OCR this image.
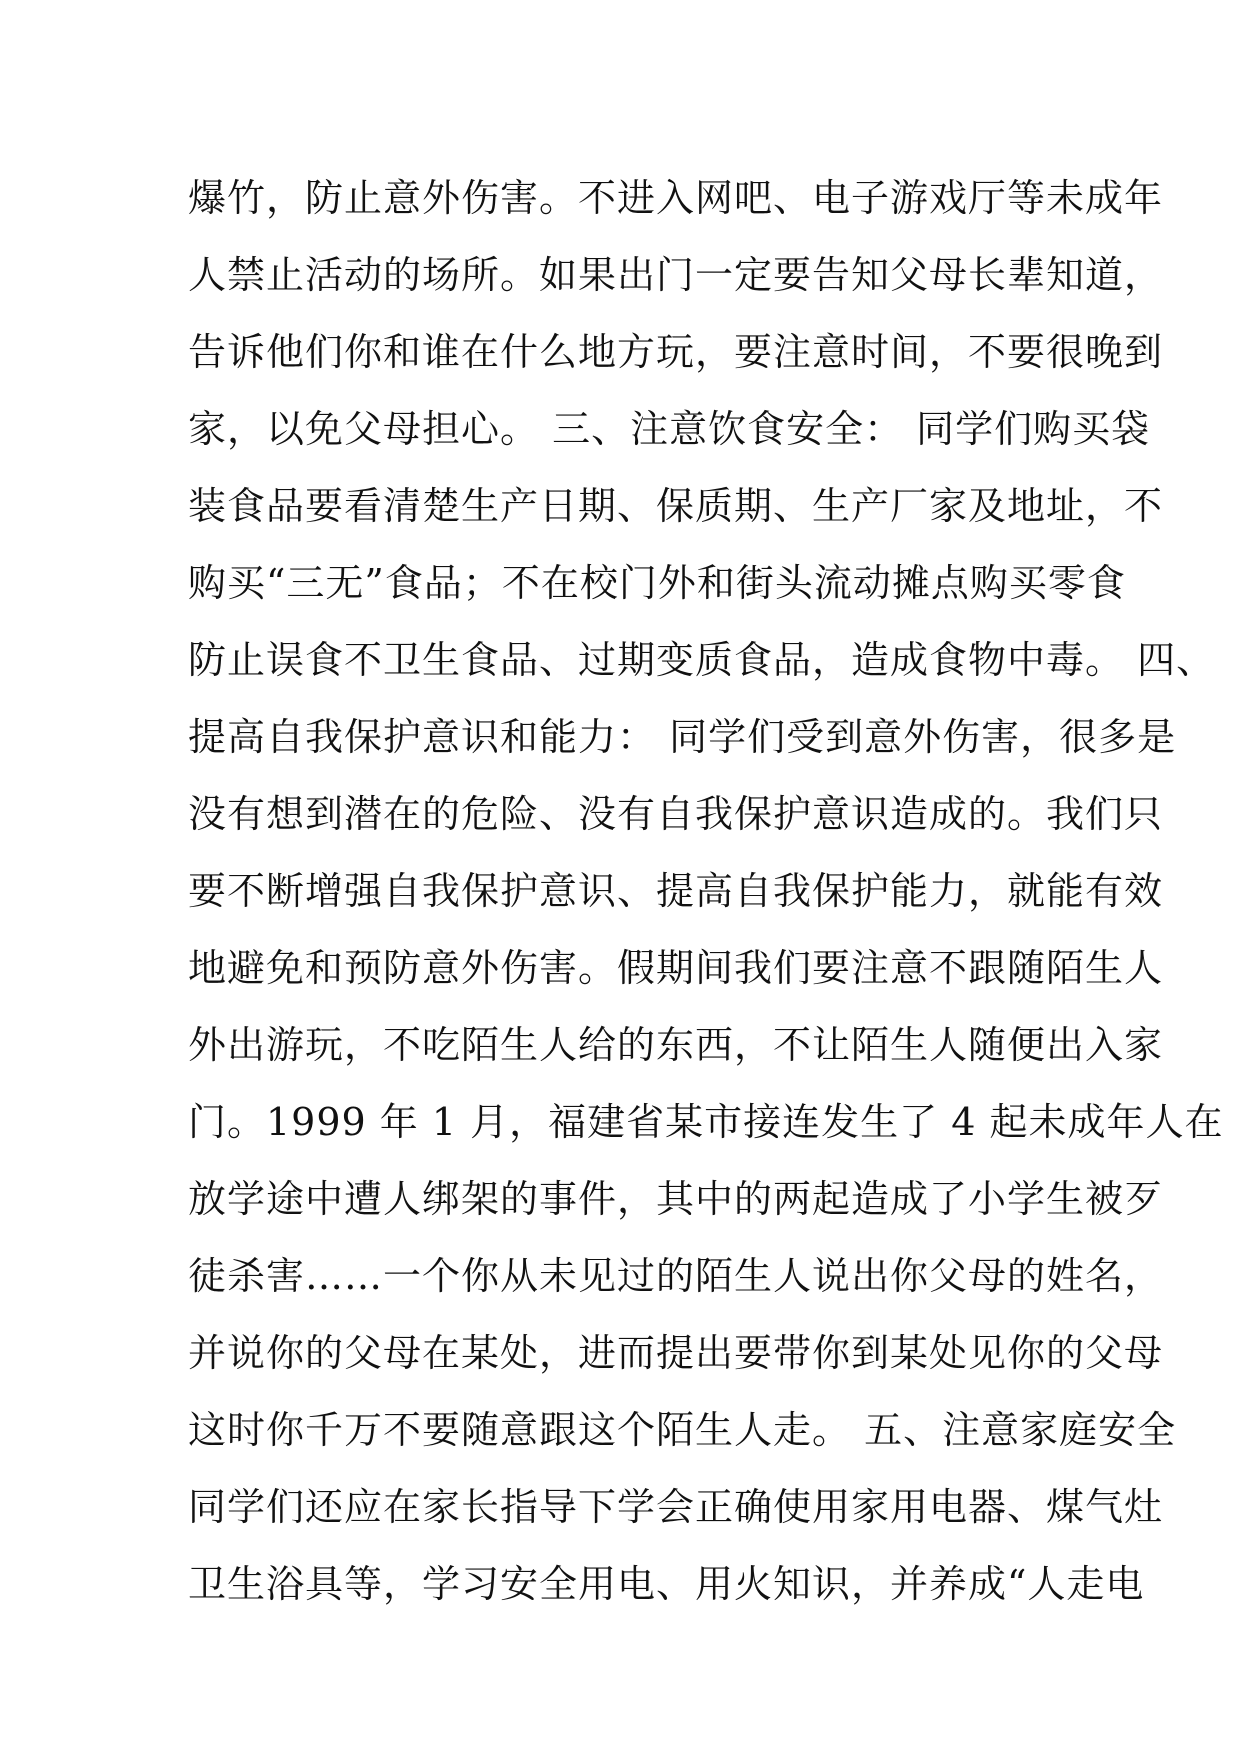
爆竹，防止意外伤害。不进入网吧、电子游戏厅等未成年
人禁止活动的场所。如果出门一定要告知父母长辈知道，
告诉他们你和谁在什么地方玩，要注意时间，不要很晚到
家，以免父母担心。 三、注意饮食安全： 同学们购买袋
装食品要看清楚生产日期、保质期、生产厂家及地址，不
购买“三无”食品；不在校门外和街头流动摊点购买零食
防止误食不卫生食品、过期变质食品，造成食物中毒。 四、
提高自我保护意识和能力： 同学们受到意外伤害，很多是
没有想到潜在的危险、没有自我保护意识造成的。我们只
要不断增强自我保护意识、提高自我保护能力，就能有效
地避免和预防意外伤害。假期间我们要注意不跟随陌生人
外出游玩，不吃陌生人给的东西，不让陌生人随便出入家
门。1999 年 1 月，福建省某市接连发生了 4 起未成年人在
放学途中遭人绑架的事件，其中的两起造成了小学生被歹
徒杀害……一个你从未见过的陌生人说出你父母的姓名，
并说你的父母在某处，进而提出要带你到某处见你的父母
这时你千万不要随意跟这个陌生人走。 五、注意家庭安全
同学们还应在家长指导下学会正确使用家用电器、煤气灶
卫生浴具等，学习安全用电、用火知识，并养成“人走电
